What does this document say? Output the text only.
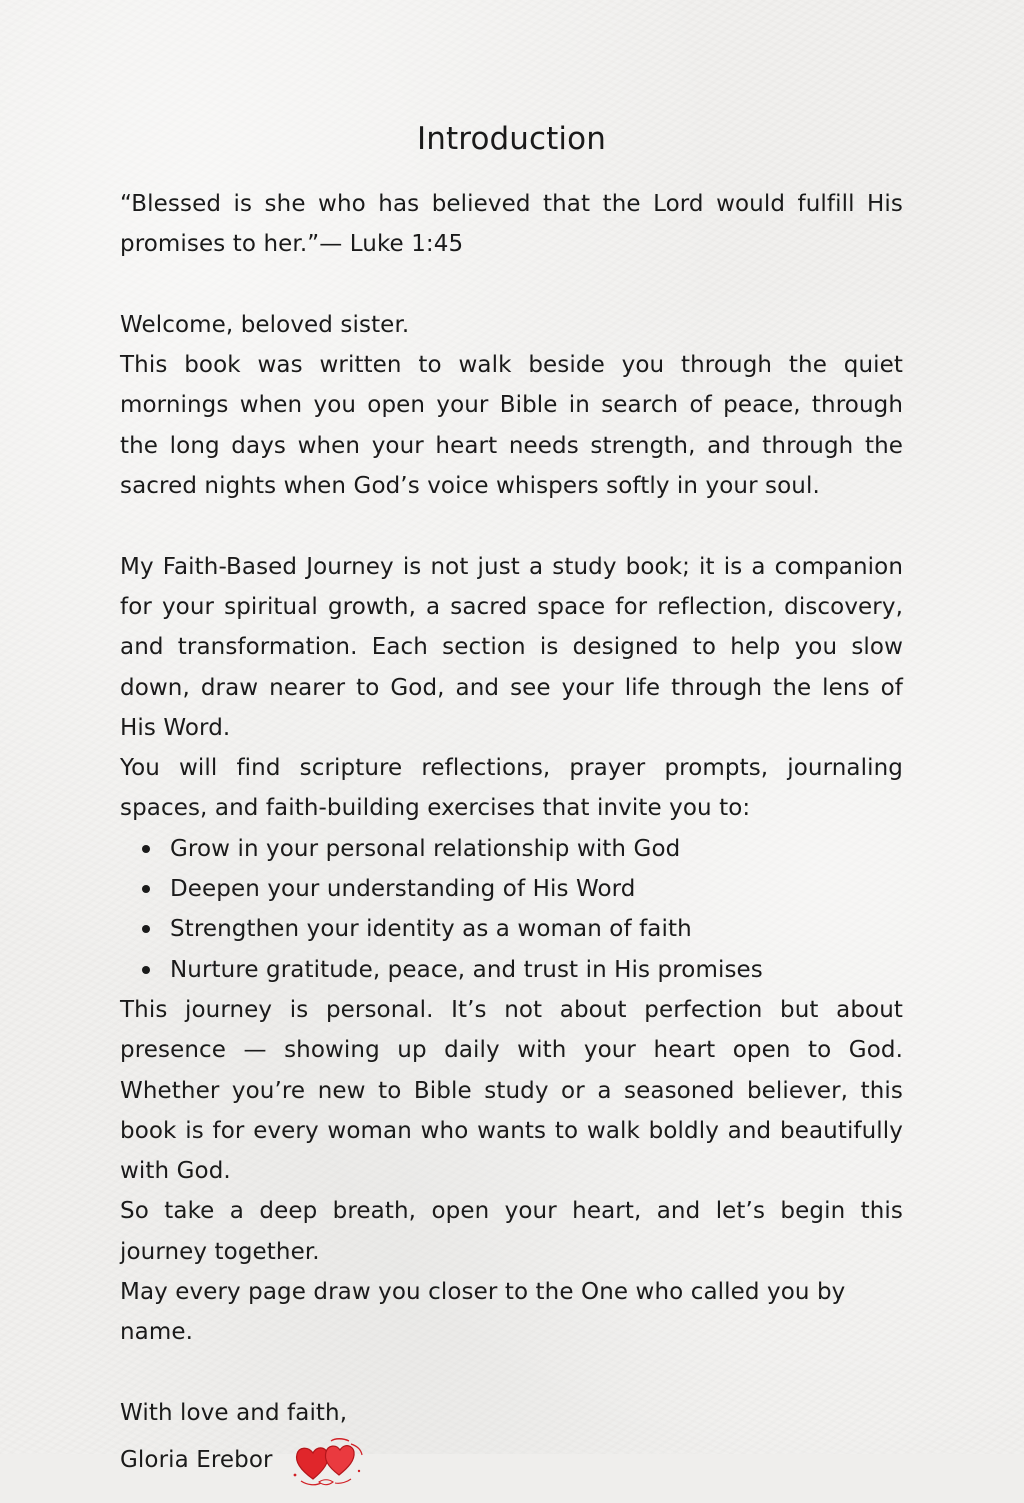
Introduction

“Blessed is she who has believed that the Lord would fulfill His promises to her.”— Luke 1:45

Welcome, beloved sister.

This book was written to walk beside you through the quiet mornings when you open your Bible in search of peace, through the long days when your heart needs strength, and through the sacred nights when God’s voice whispers softly in your soul.

My Faith-Based Journey is not just a study book; it is a companion for your spiritual growth, a sacred space for reflection, discovery, and transformation. Each section is designed to help you slow down, draw nearer to God, and see your life through the lens of His Word.

You will find scripture reflections, prayer prompts, journaling spaces, and faith-building exercises that invite you to:

Grow in your personal relationship with God
Deepen your understanding of His Word
Strengthen your identity as a woman of faith
Nurture gratitude, peace, and trust in His promises

This journey is personal. It’s not about perfection but about presence — showing up daily with your heart open to God. Whether you’re new to Bible study or a seasoned believer, this book is for every woman who wants to walk boldly and beautifully with God.

So take a deep breath, open your heart, and let’s begin this journey together.

May every page draw you closer to the One who called you by name.

With love and faith,

Gloria Erebor
